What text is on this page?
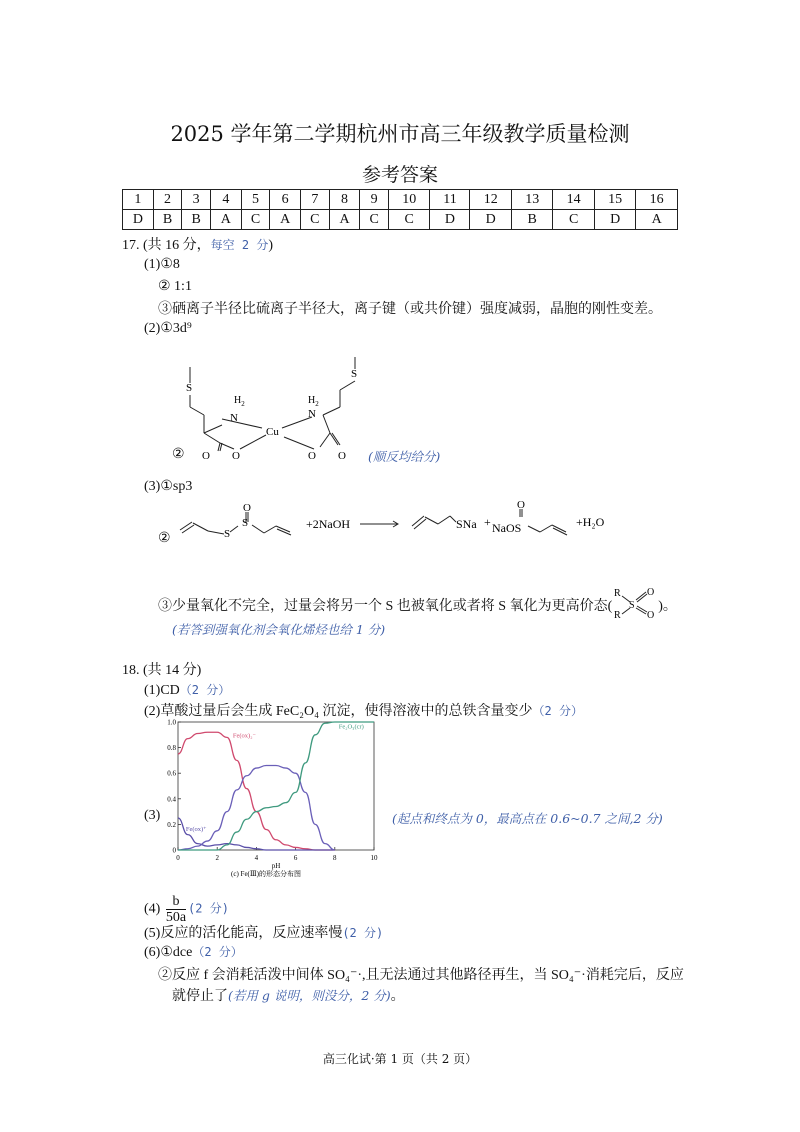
2025 学年第二学期杭州市高三年级教学质量检测
参考答案
1	2	3	4	5	6	7	8	9	10	11	12	13	14	15	16
D	B	B	A	C	A	C	A	C	C	D	D	B	C	D	A
17. (共 16 分，每空 2 分)
(1)①8
② 1:1
③硒离子半径比硫离子半径大，离子键（或共价键）强度减弱，晶胞的刚性变差。
(2)①3d⁹
S
S
$H_2$	$H_2$
N	N
Cu
O O	O O
②	(顺反均给分)
(3)①sp3
②	S
S
O
+2NaOH	SNa + NaOS
O
+H₂O
③少量氧化不完全，过量会将另一个 S 也被氧化或者将 S 氧化为更高价态(
R
R
S
O
O
)。
(若答到强氧化剂会氧化烯烃也给 1 分)
18. (共 14 分)
(1)CD（2 分）
(2)草酸过量后会生成 FeC₂O₄ 沉淀，使得溶液中的总铁含量变少（2 分）
(3)
0	2	4	6	8	10
0
0.2
0.4
0.6
0.8
1.0
pH
(c) Fe(Ⅲ)的形态分布图
Fe(ox)₂⁻
Fe(ox)⁺
Fe₂O₃(cr)
(起点和终点为 0，最高点在 0.6~0.7 之间,2 分)
$(4) \frac{b}{50a} (2$ 分)
(5)反应的活化能高，反应速率慢(2 分)
(6)①dce（2 分）
②反应 f 会消耗活泼中间体 SO₄⁻·,且无法通过其他路径再生，当 SO₄⁻·消耗完后，反应
就停止了(若用 g 说明，则没分，2 分)。
高三化试·第 1 页（共 2 页）
